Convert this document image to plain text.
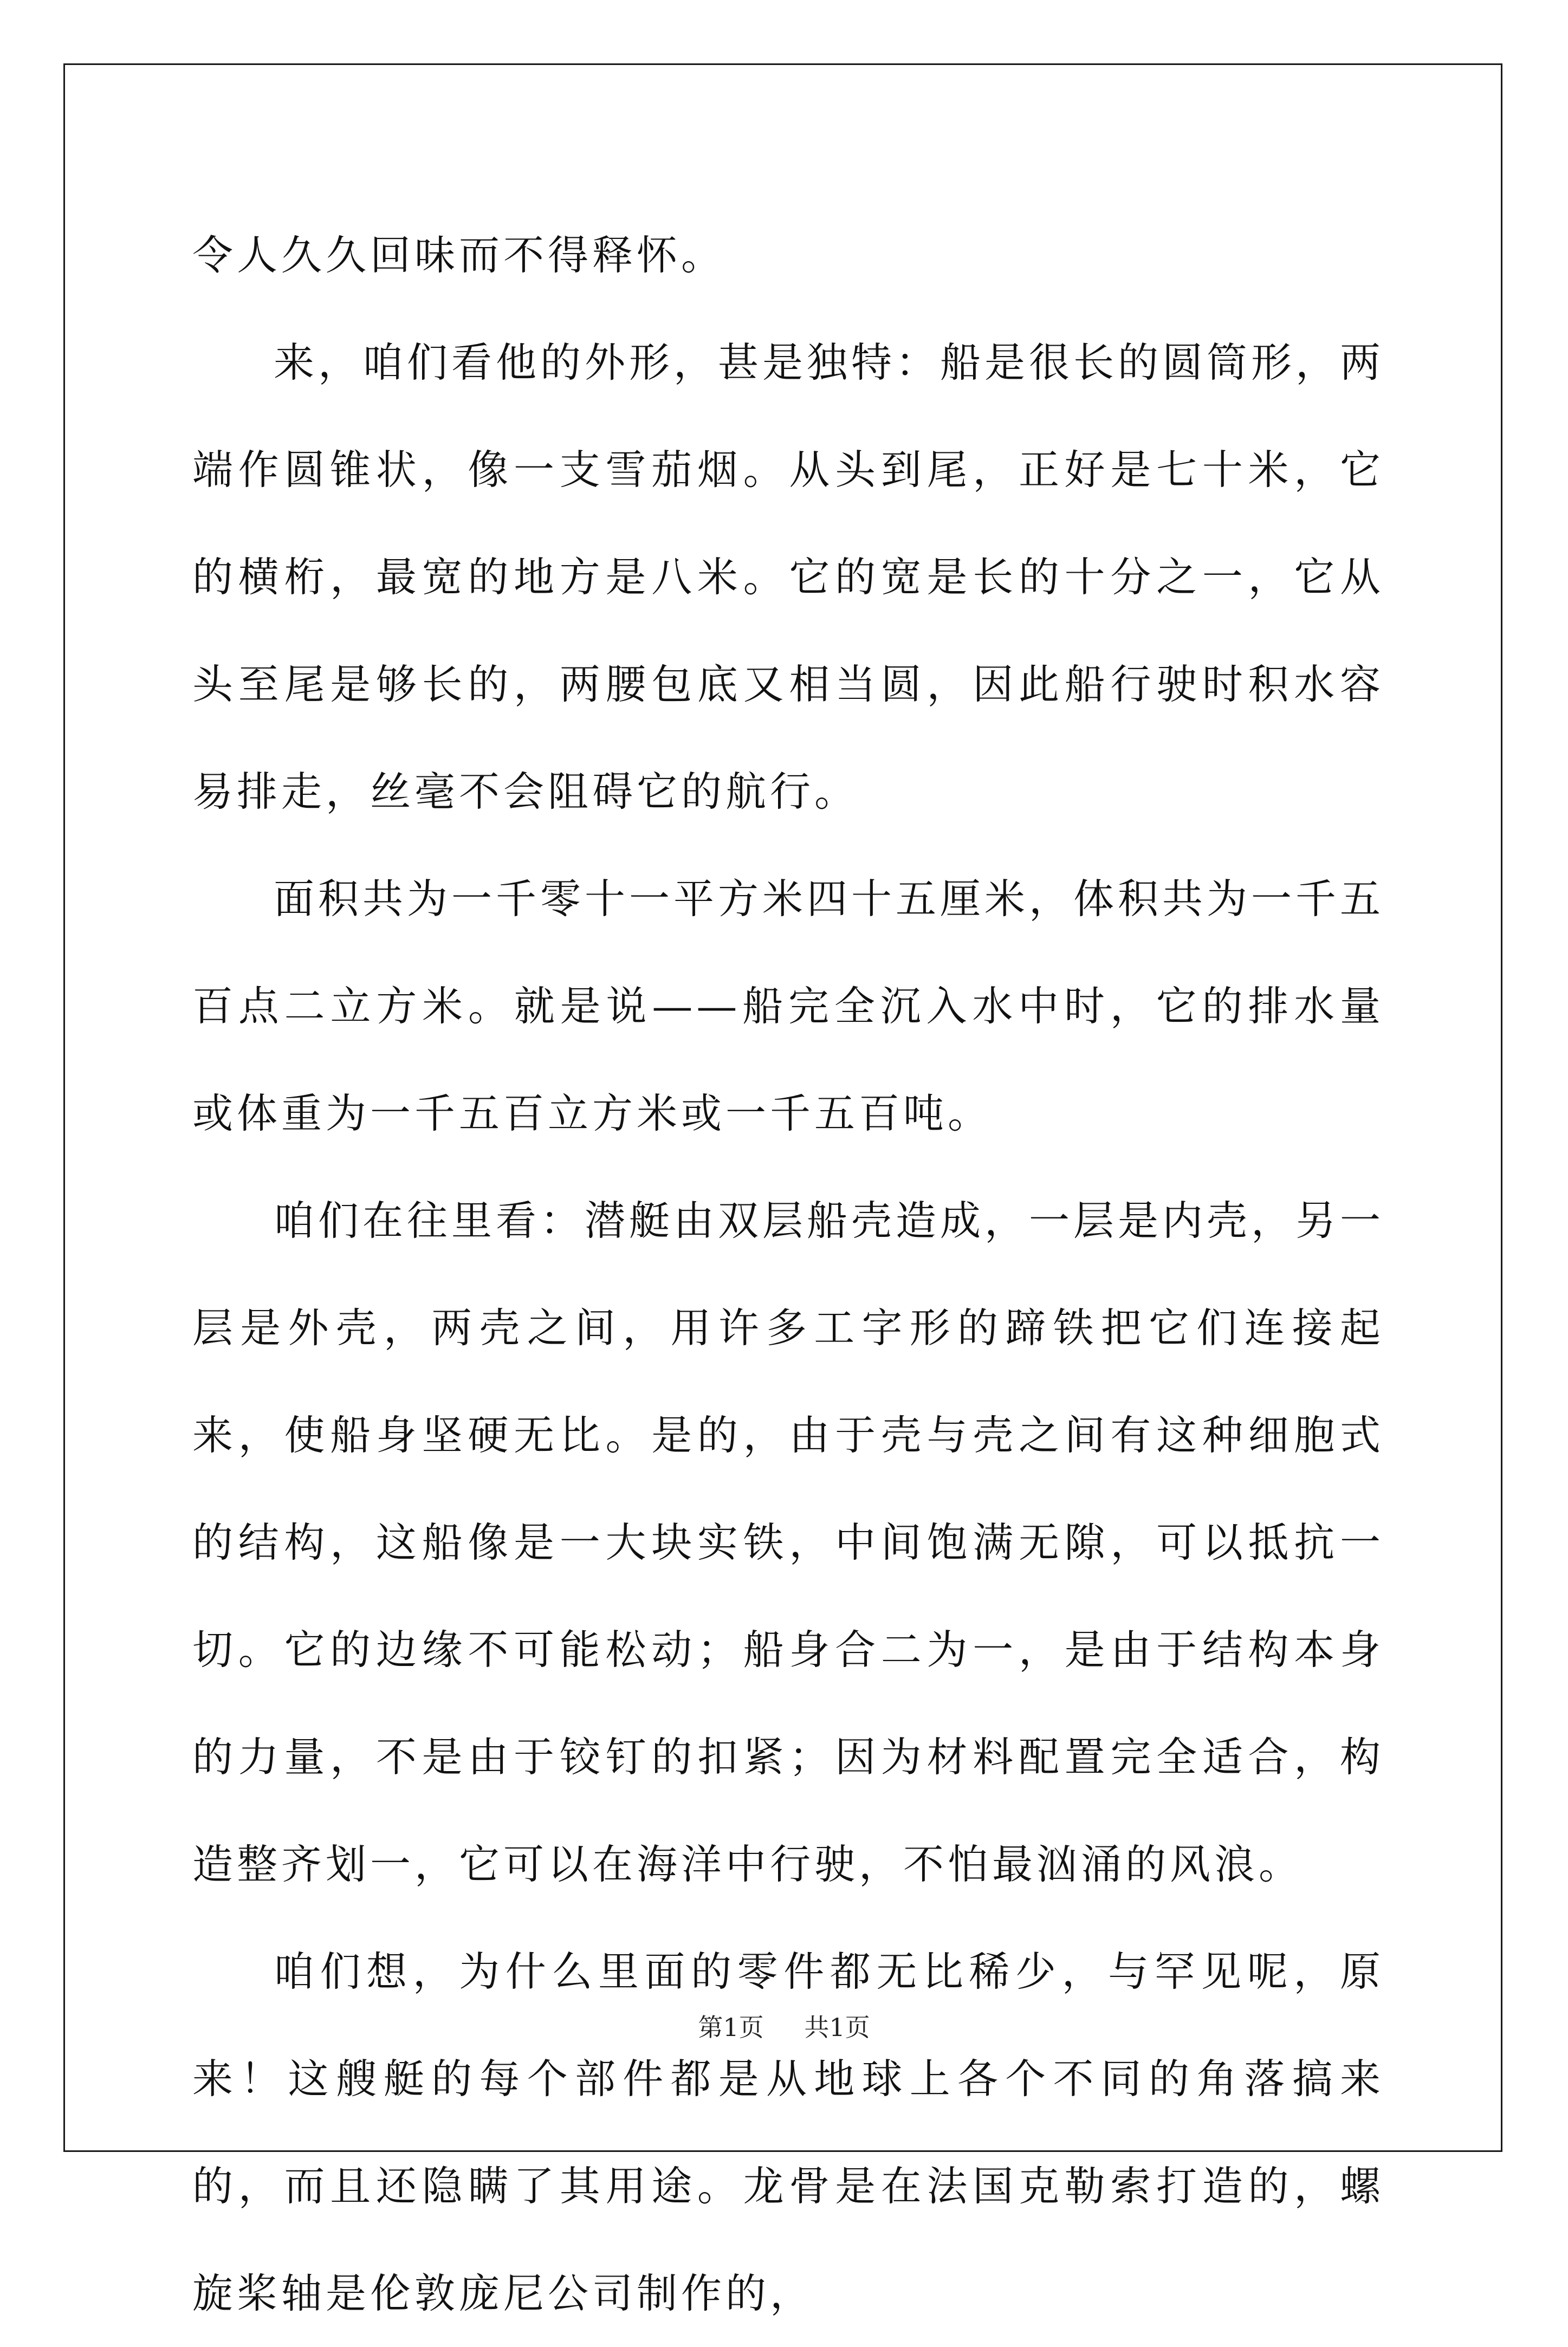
令人久久回味而不得释怀。

来，咱们看他的外形，甚是独特：船是很长的圆筒形，两端作圆锥状，像一支雪茄烟。从头到尾，正好是七十米，它的横桁，最宽的地方是八米。它的宽是长的十分之一，它从头至尾是够长的，两腰包底又相当圆，因此船行驶时积水容易排走，丝毫不会阻碍它的航行。

面积共为一千零十一平方米四十五厘米，体积共为一千五百点二立方米。就是说——船完全沉入水中时，它的排水量或体重为一千五百立方米或一千五百吨。

咱们在往里看：潜艇由双层船壳造成，一层是内壳，另一层是外壳，两壳之间，用许多工字形的蹄铁把它们连接起来，使船身坚硬无比。是的，由于壳与壳之间有这种细胞式的结构，这船像是一大块实铁，中间饱满无隙，可以抵抗一切。它的边缘不可能松动；船身合二为一，是由于结构本身的力量，不是由于铰钉的扣紧；因为材料配置完全适合，构造整齐划一，它可以在海洋中行驶，不怕最汹涌的风浪。

咱们想，为什么里面的零件都无比稀少，与罕见呢，原来！这艘艇的每个部件都是从地球上各个不同的角落搞来的，而且还隐瞒了其用途。龙骨是在法国克勒索打造的，螺旋桨轴是伦敦庞尼公司制作的，

第1页 共1页
